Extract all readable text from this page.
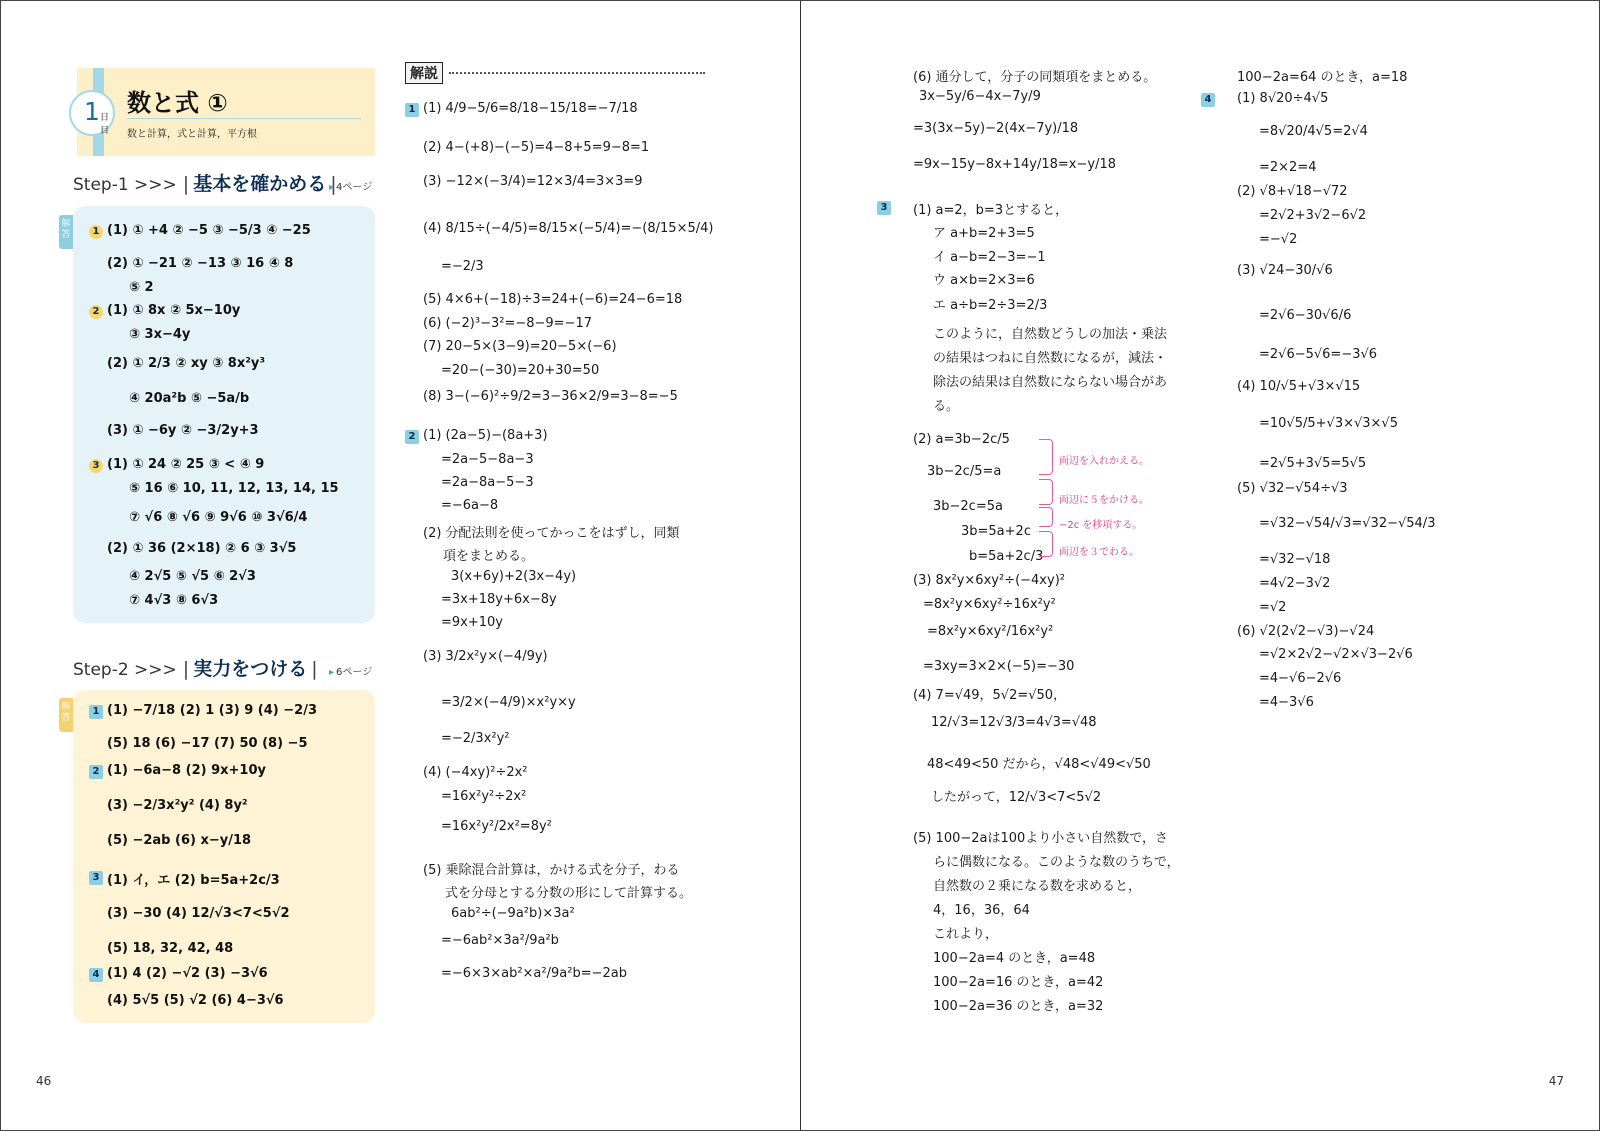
1 日目
数と式 ①
数と計算，式と計算，平方根
Step-1 >>> | 基本を確かめる | ▸ 4ページ
解答	(1) ① +4 ② −5 ③ −5/3 ④ −25
(2) ① −21 ② −13 ③ 16 ④ 8
⑤ 2
(1) ① 8x ② 5x−10y
③ 3x−4y
(2) ① 2/3 ② xy ③ 8x²y³
④ 20a²b ⑤ −5a/b
(3) ① −6y ② −3/2y+3
(1) ① 24 ② 25 ③ < ④ 9
⑤ 16 ⑥ 10, 11, 12, 13, 14, 15
⑦ √6 ⑧ √6 ⑨ 9√6 ⑩ 3√6/4
(2) ① 36 (2×18) ② 6 ③ 3√5
④ 2√5 ⑤ √5 ⑥ 2√3
⑦ 4√3 ⑧ 6√3
1
2
3
Step-2 >>> | 実力をつける |	▸ 6ページ
解答	(1) −7/18 (2) 1 (3) 9 (4) −2/3
(5) 18 (6) −17 (7) 50 (8) −5
(1) −6a−8 (2) 9x+10y
(3) −2/3x²y² (4) 8y²
(5) −2ab (6) x−y/18
(1) イ，エ (2) b=5a+2c/3
(3) −30 (4) 12/√3<7<5√2
(5) 18, 32, 42, 48
(1) 4 (2) −√2 (3) −3√6
(4) 5√5 (5) √2 (6) 4−3√6
1
2
3
4
解説
(1) 4/9−5/6=8/18−15/18=−7/18
(2) 4−(+8)−(−5)=4−8+5=9−8=1
(3) −12×(−3/4)=12×3/4=3×3=9
(4) 8/15÷(−4/5)=8/15×(−5/4)=−(8/15×5/4)
=−2/3
(5) 4×6+(−18)÷3=24+(−6)=24−6=18
(6) (−2)³−3²=−8−9=−17
(7) 20−5×(3−9)=20−5×(−6)
=20−(−30)=20+30=50
(8) 3−(−6)²÷9/2=3−36×2/9=3−8=−5
(1) (2a−5)−(8a+3)
=2a−5−8a−3
=2a−8a−5−3
=−6a−8
(2) 分配法則を使ってかっこをはずし，同類
項をまとめる。
3(x+6y)+2(3x−4y)
=3x+18y+6x−8y
=9x+10y
(3) 3/2x²y×(−4/9y)
=3/2×(−4/9)×x²y×y
=−2/3x²y²
(4) (−4xy)²÷2x²
=16x²y²÷2x²
=16x²y²/2x²=8y²
(5) 乗除混合計算は，かける式を分子，わる
式を分母とする分数の形にして計算する。
6ab²÷(−9a²b)×3a²
=−6ab²×3a²/9a²b
=−6×3×ab²×a²/9a²b=−2ab
1
2
46
(6) 通分して，分子の同類項をまとめる。
3x−5y/6−4x−7y/9
=3(3x−5y)−2(4x−7y)/18
=9x−15y−8x+14y/18=x−y/18
(1) a=2，b=3とすると，
ア a+b=2+3=5
イ a−b=2−3=−1
ウ a×b=2×3=6
エ a÷b=2÷3=2/3
このように，自然数どうしの加法・乗法
の結果はつねに自然数になるが，減法・
除法の結果は自然数にならない場合があ
る。
(2) a=3b−2c/5
3b−2c/5=a
3b−2c=5a
3b=5a+2c
b=5a+2c/3
(3) 8x²y×6xy²÷(−4xy)²
=8x²y×6xy²÷16x²y²
=8x²y×6xy²/16x²y²
=3xy=3×2×(−5)=−30
(4) 7=√49，5√2=√50，
12/√3=12√3/3=4√3=√48
48<49<50 だから，√48<√49<√50
したがって，12/√3<7<5√2
(5) 100−2aは100より小さい自然数で，さ
らに偶数になる。このような数のうちで，
自然数の２乗になる数を求めると，
4，16，36，64
これより，
100−2a=4 のとき，a=48
100−2a=16 のとき，a=42
100−2a=36 のとき，a=32
3
100−2a=64 のとき，a=18
(1) 8√20÷4√5
=8√20/4√5=2√4
=2×2=4
(2) √8+√18−√72
=2√2+3√2−6√2
=−√2
(3) √24−30/√6
=2√6−30√6/6
=2√6−5√6=−3√6
(4) 10/√5+√3×√15
=10√5/5+√3×√3×√5
=2√5+3√5=5√5
(5) √32−√54÷√3
=√32−√54/√3=√32−√54/3
=√32−√18
=4√2−3√2
=√2
(6) √2(2√2−√3)−√24
=√2×2√2−√2×√3−2√6
=4−√6−2√6
=4−3√6
4
両辺を入れかえる。
両辺に５をかける。
−2c を移項する。
両辺を３でわる。
47
